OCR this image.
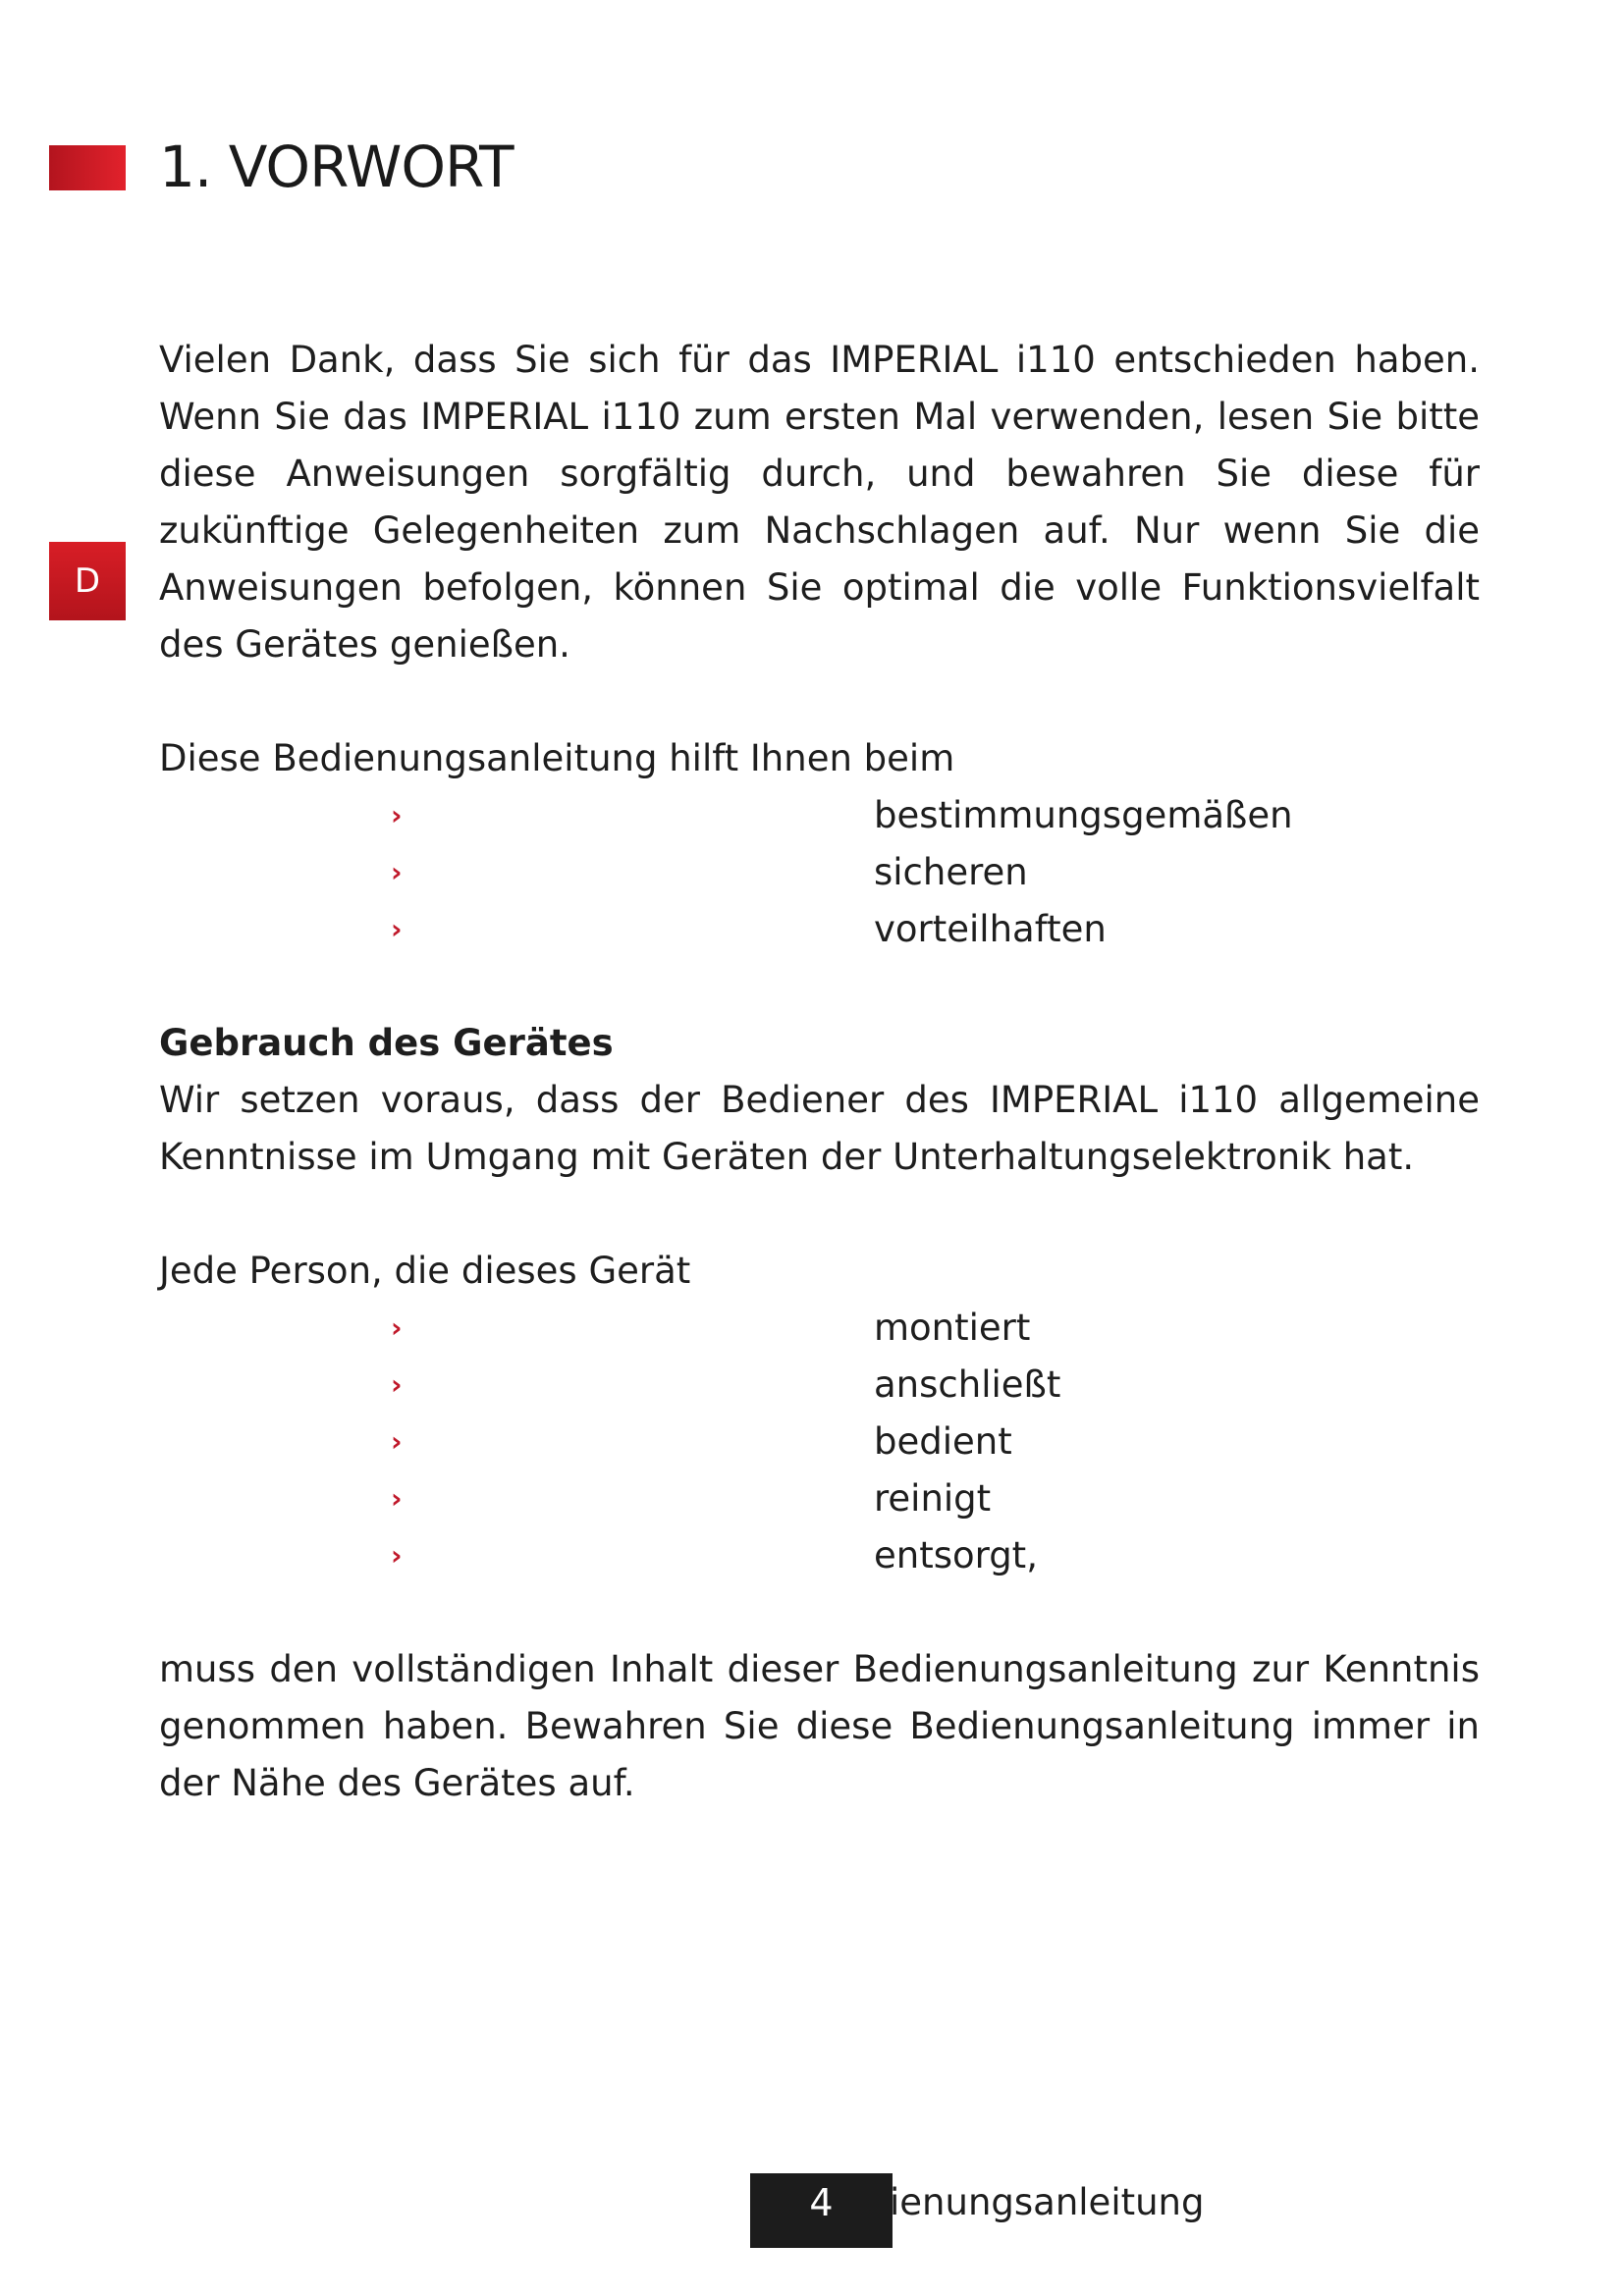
1. VORWORT
D

Vielen Dank, dass Sie sich für das IMPERIAL i110 entschieden haben. Wenn Sie das IMPERIAL i110 zum ersten Mal verwenden, lesen Sie bitte diese Anweisungen sorgfältig durch, und bewahren Sie diese für zukünftige Gelegenheiten zum Nachschlagen auf. Nur wenn Sie die Anweisungen befolgen, können Sie optimal die volle Funktionsvielfalt des Gerätes genießen.

Diese Bedienungsanleitung hilft Ihnen beim

›	bestimmungsgemäßen
›	sicheren
›	vorteilhaften

Gebrauch des Gerätes

Wir setzen voraus, dass der Bediener des IMPERIAL i110 allgemeine Kenntnisse im Umgang mit Geräten der Unterhaltungselektronik hat.

Jede Person, die dieses Gerät

›	montiert
›	anschließt
›	bedient
›	reinigt
›	entsorgt,

muss den vollständigen Inhalt dieser Bedienungsanleitung zur Kenntnis genommen haben. Bewahren Sie diese Bedienungsanleitung immer in der Nähe des Gerätes auf.

4	ienungsanleitung
